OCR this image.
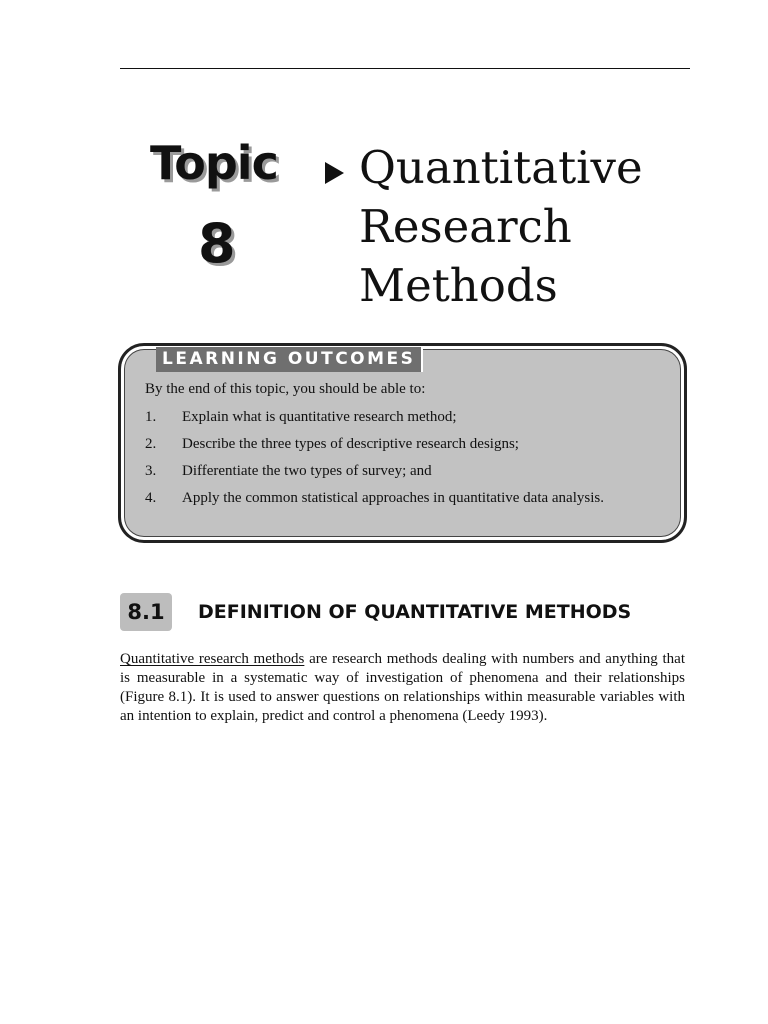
Topic
8
Quantitative
Research
Methods
LEARNING OUTCOMES

By the end of this topic, you should be able to:

1.	Explain what is quantitative research method;
2.	Describe the three types of descriptive research designs;
3.	Differentiate the two types of survey; and
4.	Apply the common statistical approaches in quantitative data analysis.
8.1	DEFINITION OF QUANTITATIVE METHODS

Quantitative research methods are research methods dealing with numbers and anything that is measurable in a systematic way of investigation of phenomena and their relationships (Figure 8.1). It is used to answer questions on relationships within measurable variables with an intention to explain, predict and control a phenomena (Leedy 1993).
